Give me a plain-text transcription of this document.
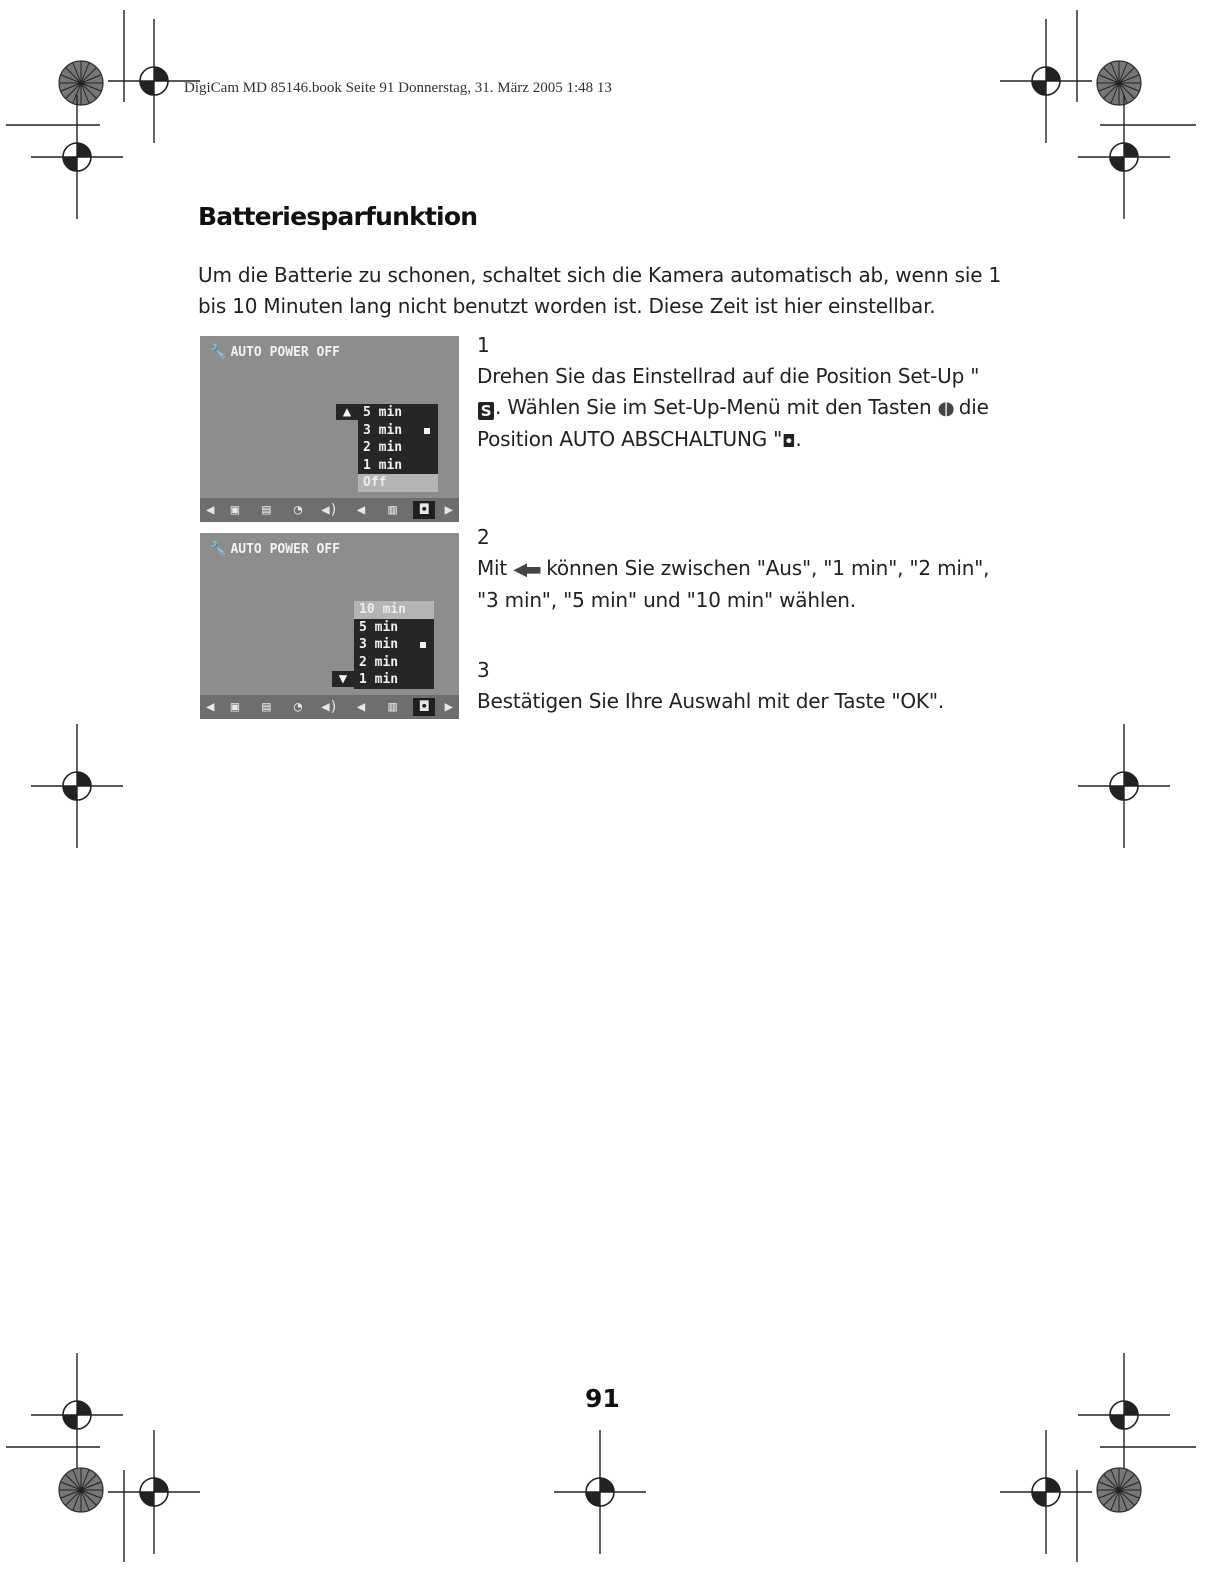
DigiCam MD 85146.book Seite 91 Donnerstag, 31. März 2005 1:48 13
Batteriesparfunktion

Um die Batterie zu schonen, schaltet sich die Kamera automatisch ab, wenn sie 1 bis 10 Minuten lang nicht benutzt worden ist. Diese Zeit ist hier einstellbar.

🔧 AUTO POWER OFF
▲ 5 min
3 min
2 min
1 min
Off
◀	▣	▤	◔	◀)	◀	▥	◘	▶
🔧 AUTO POWER OFF
10 min
5 min
3 min
2 min
1 min
▼
◀	▣	▤	◔	◀)	◀	▥	◘	▶

1

Drehen Sie das Einstellrad auf die Position Set-Up "S . Wählen Sie im Set-Up-Menü mit den Tasten ◖◗ die Position AUTO ABSCHALTUNG "◘.

2

Mit ◀▬ können Sie zwischen "Aus", "1 min", "2 min", "3 min", "5 min" und "10 min" wählen.

3

Bestätigen Sie Ihre Auswahl mit der Taste "OK".

91
